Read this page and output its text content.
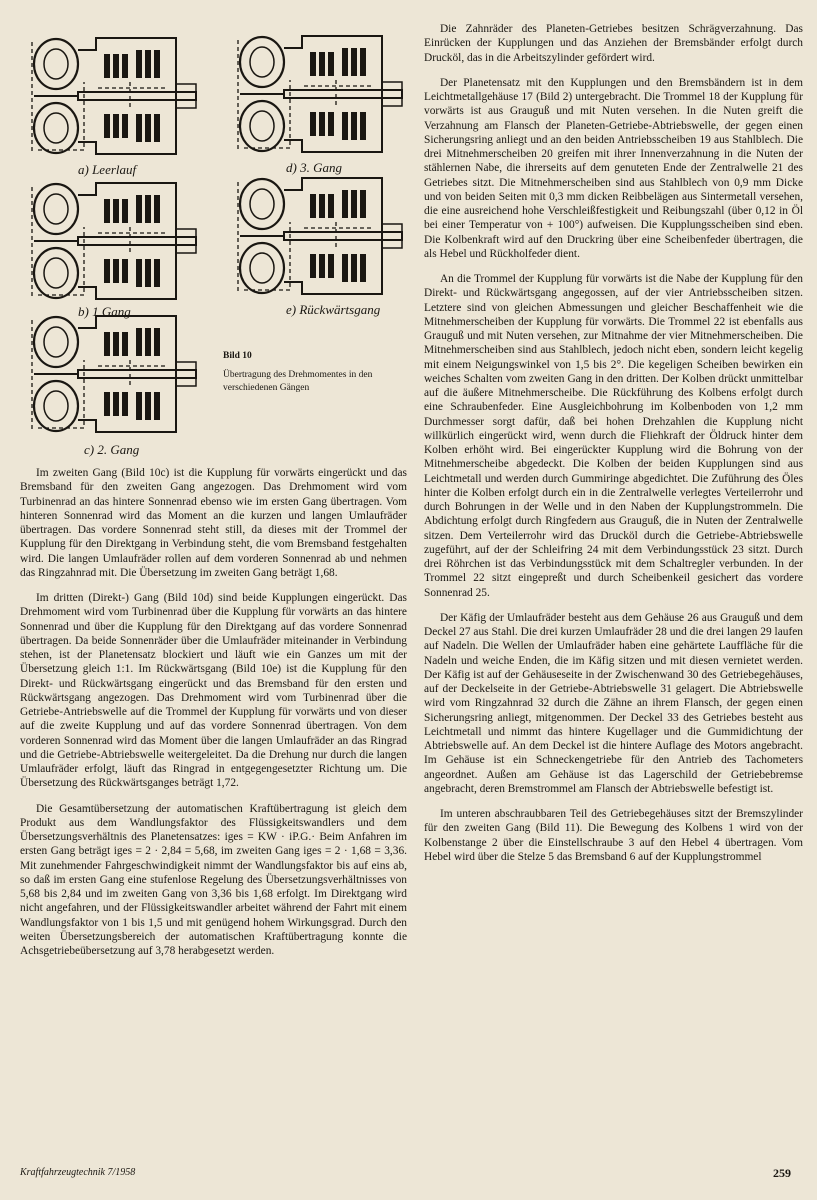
a) Leerlauf	d) 3. Gang
b) 1 Gang	e) Rückwärtsgang
c) 2. Gang
Bild 10
Übertragung des Drehmomentes in den verschiedenen Gängen

Im zweiten Gang (Bild 10c) ist die Kupplung für vorwärts eingerückt und das Bremsband für den zweiten Gang angezogen. Das Drehmoment wird vom Turbinenrad an das hintere Sonnenrad ebenso wie im ersten Gang übertragen. Vom hinteren Sonnenrad wird das Moment an die kurzen und langen Umlaufräder übertragen. Das vordere Sonnenrad steht still, da dieses mit der Trommel der Kupplung für den Direktgang in Verbindung steht, die vom Bremsband festgehalten wird. Die langen Umlaufräder rollen auf dem vorderen Sonnenrad ab und nehmen das Ringzahnrad mit. Die Übersetzung im zweiten Gang beträgt 1,68.

Im dritten (Direkt-) Gang (Bild 10d) sind beide Kupplungen eingerückt. Das Drehmoment wird vom Turbinenrad über die Kupplung für vorwärts an das hintere Sonnenrad und über die Kupplung für den Direktgang auf das vordere Sonnenrad übertragen. Da beide Sonnenräder über die Umlaufräder miteinander in Verbindung stehen, ist der Planetensatz blockiert und läuft wie ein Ganzes um mit der Übersetzung gleich 1:1. Im Rückwärtsgang (Bild 10e) ist die Kupplung für den Direkt- und Rückwärtsgang eingerückt und das Bremsband für den ersten und Rückwärtsgang angezogen. Das Drehmoment wird vom Turbinenrad über die Getriebe-Antriebswelle auf die Trommel der Kupplung für vorwärts und von dieser auf die zweite Kupplung und auf das vordere Sonnenrad übertragen. Von dem vorderen Sonnenrad wird das Moment über die langen Umlaufräder an das Ringrad und die Getriebe-Abtriebswelle weitergeleitet. Da die Drehung nur durch die langen Umlaufräder erfolgt, läuft das Ringrad in entgegengesetzter Richtung um. Die Übersetzung des Rückwärtsganges beträgt 1,72.

Die Gesamtübersetzung der automatischen Kraftübertragung ist gleich dem Produkt aus dem Wandlungsfaktor des Flüssigkeitswandlers und dem Übersetzungsverhältnis des Planetensatzes: iges = KW · iP.G.· Beim Anfahren im ersten Gang beträgt iges = 2 · 2,84 = 5,68, im zweiten Gang iges = 2 · 1,68 = 3,36. Mit zunehmender Fahrgeschwindigkeit nimmt der Wandlungsfaktor bis auf eins ab, so daß im ersten Gang eine stufenlose Regelung des Übersetzungsverhältnisses von 5,68 bis 2,84 und im zweiten Gang von 3,36 bis 1,68 erfolgt. Im Direktgang wird nicht angefahren, und der Flüssigkeitswandler arbeitet während der Fahrt mit einem Wandlungsfaktor von 1 bis 1,5 und mit genügend hohem Wirkungsgrad. Durch den weiten Übersetzungsbereich der automatischen Kraftübertragung konnte die Achsgetriebeübersetzung auf 3,78 herabgesetzt werden.

Die Zahnräder des Planeten-Getriebes besitzen Schrägverzahnung. Das Einrücken der Kupplungen und das Anziehen der Bremsbänder erfolgt durch Drucköl, das in die Arbeitszylinder gefördert wird.

Der Planetensatz mit den Kupplungen und den Bremsbändern ist in dem Leichtmetallgehäuse 17 (Bild 2) untergebracht. Die Trommel 18 der Kupplung für vorwärts ist aus Grauguß und mit Nuten versehen. In die Nuten greift die Verzahnung am Flansch der Planeten-Getriebe-Abtriebswelle, der gegen einen Sicherungsring anliegt und an den beiden Antriebsscheiben 19 aus Stahlblech. Die drei Mitnehmerscheiben 20 greifen mit ihrer Innenverzahnung in die Nuten der stählernen Nabe, die ihrerseits auf dem genuteten Ende der Zentralwelle 21 des Getriebes sitzt. Die Mitnehmerscheiben sind aus Stahlblech von 0,9 mm Dicke und von beiden Seiten mit 0,3 mm dicken Reibbelägen aus Sintermetall versehen, die eine ausreichend hohe Verschleißfestigkeit und Reibungszahl (über 0,12 in Öl bei einer Temperatur von + 100°) aufweisen. Die Kupplungsscheiben sind eben. Die Kolbenkraft wird auf den Druckring über eine Scheibenfeder übertragen, die als Hebel und Rückholfeder dient.

An die Trommel der Kupplung für vorwärts ist die Nabe der Kupplung für den Direkt- und Rückwärtsgang angegossen, auf der vier Antriebsscheiben sitzen. Letztere sind von gleichen Abmessungen und gleicher Beschaffenheit wie die Mitnehmerscheiben der Kupplung für vorwärts. Die Trommel 22 ist ebenfalls aus Grauguß und mit Nuten versehen, zur Mitnahme der vier Mitnehmerscheiben. Die Mitnehmerscheiben sind aus Stahlblech, jedoch nicht eben, sondern leicht kegelig mit einem Neigungswinkel von 1,5 bis 2°. Die kegeligen Scheiben bewirken ein weiches Schalten vom zweiten Gang in den dritten. Der Kolben drückt unmittelbar auf die äußere Mitnehmerscheibe. Die Rückführung des Kolbens erfolgt durch eine Schraubenfeder. Eine Ausgleichbohrung im Kolbenboden von 1,2 mm Durchmesser sorgt dafür, daß bei hohen Drehzahlen die Kupplung nicht willkürlich eingerückt wird, wenn durch die Fliehkraft der Öldruck hinter dem Kolben erhöht wird. Bei eingerückter Kupplung wird die Bohrung von der Mitnehmerscheibe abgedeckt. Die Kolben der beiden Kupplungen sind aus Leichtmetall und werden durch Gummiringe abgedichtet. Die Zuführung des Öles hinter die Kolben erfolgt durch ein in die Zentralwelle verlegtes Verteilerrohr und durch Bohrungen in der Welle und in den Naben der Kupplungstrommeln. Die Abdichtung erfolgt durch Ringfedern aus Grauguß, die in Nuten der Zentralwelle sitzen. Dem Verteilerrohr wird das Drucköl durch die Getriebe-Abtriebswelle zugeführt, auf der der Schleifring 24 mit dem Verbindungsstück 23 sitzt. Durch drei Röhrchen ist das Verbindungsstück mit dem Schaltregler verbunden. In der Trommel 22 sitzt eingepreßt und durch Scheibenkeil gesichert das vordere Sonnenrad 25.

Der Käfig der Umlaufräder besteht aus dem Gehäuse 26 aus Grauguß und dem Deckel 27 aus Stahl. Die drei kurzen Umlaufräder 28 und die drei langen 29 laufen auf Nadeln. Die Wellen der Umlaufräder haben eine gehärtete Lauffläche für die Nadeln und weiche Enden, die im Käfig sitzen und mit diesen vernietet werden. Der Käfig ist auf der Gehäuseseite in der Zwischenwand 30 des Getriebegehäuses, auf der Deckelseite in der Getriebe-Abtriebswelle 31 gelagert. Die Abtriebswelle wird vom Ringzahnrad 32 durch die Zähne an ihrem Flansch, der gegen einen Sicherungsring anliegt, mitgenommen. Der Deckel 33 des Getriebes besteht aus Leichtmetall und nimmt das hintere Kugellager und die Gummidichtung der Abtriebswelle auf. An dem Deckel ist die hintere Auflage des Motors angebracht. Im Gehäuse ist ein Schneckengetriebe für den Antrieb des Tachometers angeordnet. Außen am Gehäuse ist das Lagerschild der Getriebebremse angebracht, deren Bremstrommel am Flansch der Abtriebswelle befestigt ist.

Im unteren abschraubbaren Teil des Getriebegehäuses sitzt der Bremszylinder für den zweiten Gang (Bild 11). Die Bewegung des Kolbens 1 wird von der Kolbenstange 2 über die Einstellschraube 3 auf den Hebel 4 übertragen. Vom Hebel wird über die Stelze 5 das Bremsband 6 auf der Kupplungstrommel

Kraftfahrzeugtechnik 7/1958	259
